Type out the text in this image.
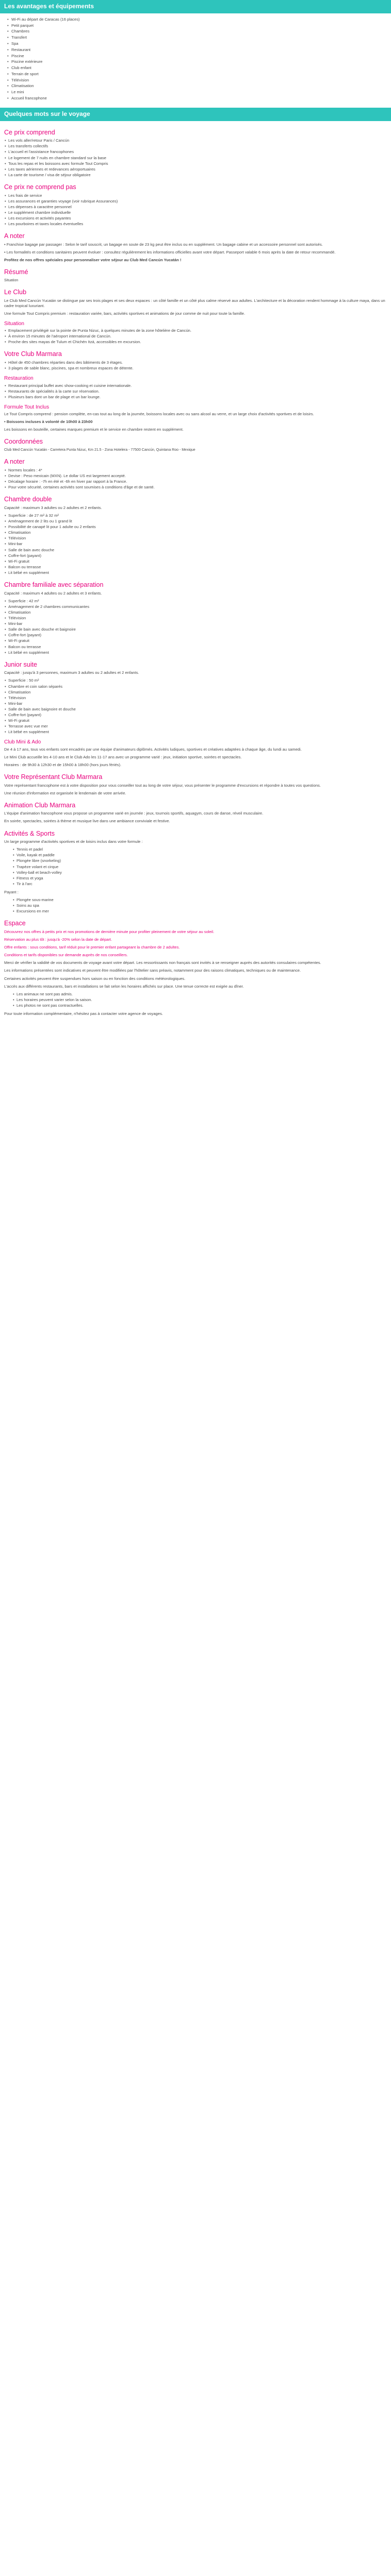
Les avantages et équipements
• Wi-Fi au départ de Caracas (16 places)
• Petit parquet
• Chambres
• Transfert
• Spa
• Restaurant
• Piscine
• Piscine extérieure
• Club enfant
• Terrain de sport
• Télévision
• Climatisation
• Le mini
• Accueil francophone
Quelques mots sur le voyage
Ce prix comprend
• Les vols aller/retour Paris / Cancún
• Les transferts collectifs
• L'accueil et l'assistance francophones
• Le logement de 7 nuits en chambre standard sur la base
• Tous les repas et les boissons avec formule Tout Compris
• Les taxes aériennes et redevances aéroportuaires
• La carte de tourisme / visa de séjour obligatoire
Ce prix ne comprend pas
• Les frais de service
• Les assurances et garanties voyage (voir rubrique Assurances)
• Les dépenses à caractère personnel
• Le supplément chambre individuelle
• Les excursions et activités payantes
• Les pourboires et taxes locales éventuelles
A noter

• Franchise bagage par passager : Selon le tarif souscrit, un bagage en soute de 23 kg peut être inclus ou en supplément. Un bagage cabine et un accessoire personnel sont autorisés.

• Les formalités et conditions sanitaires peuvent évoluer : consultez régulièrement les informations officielles avant votre départ. Passeport valable 6 mois après la date de retour recommandé.

Profitez de nos offres spéciales pour personnaliser votre séjour au Club Med Cancún Yucatán !

Résumé

Situation

Le Club

Le Club Med Cancún Yucatán se distingue par ses trois plages et ses deux espaces : un côté famille et un côté plus calme réservé aux adultes. L'architecture et la décoration rendent hommage à la culture maya, dans un cadre tropical luxuriant.

Une formule Tout Compris premium : restauration variée, bars, activités sportives et animations de jour comme de nuit pour toute la famille.

Situation
• Emplacement privilégié sur la pointe de Punta Nizuc, à quelques minutes de la zone hôtelière de Cancún.
• À environ 15 minutes de l'aéroport international de Cancún.
• Proche des sites mayas de Tulum et Chichén Itzá, accessibles en excursion.
Votre Club Marmara
• Hôtel de 450 chambres réparties dans des bâtiments de 3 étages.
• 3 plages de sable blanc, piscines, spa et nombreux espaces de détente.
Restauration
• Restaurant principal buffet avec show-cooking et cuisine internationale.
• Restaurants de spécialités à la carte sur réservation.
• Plusieurs bars dont un bar de plage et un bar lounge.
Formule Tout Inclus

Le Tout Compris comprend : pension complète, en-cas tout au long de la journée, boissons locales avec ou sans alcool au verre, et un large choix d'activités sportives et de loisirs.

• Boissons incluses à volonté de 10h00 à 23h00

Les boissons en bouteille, certaines marques premium et le service en chambre restent en supplément.

Coordonnées

Club Med Cancún Yucatán - Carretera Punta Nizuc, Km 21.5 - Zona Hotelera - 77500 Cancún, Quintana Roo - Mexique

A noter
• Normes locales : 4*
• Devise : Peso mexicain (MXN). Le dollar US est largement accepté.
• Décalage horaire : -7h en été et -6h en hiver par rapport à la France.
• Pour votre sécurité, certaines activités sont soumises à conditions d'âge et de santé.
Chambre double

Capacité : maximum 3 adultes ou 2 adultes et 2 enfants.

• Superficie : de 27 m² à 32 m²
• Aménagement de 2 lits ou 1 grand lit
• Possibilité de canapé lit pour 1 adulte ou 2 enfants
• Climatisation
• Télévision
• Mini-bar
• Salle de bain avec douche
• Coffre-fort (payant)
• Wi-Fi gratuit
• Balcon ou terrasse
• Lit bébé en supplément
Chambre familiale avec séparation

Capacité : maximum 4 adultes ou 2 adultes et 3 enfants.

• Superficie : 42 m²
• Aménagement de 2 chambres communicantes
• Climatisation
• Télévision
• Mini-bar
• Salle de bain avec douche et baignoire
• Coffre-fort (payant)
• Wi-Fi gratuit
• Balcon ou terrasse
• Lit bébé en supplément
Junior suite

Capacité : jusqu'à 3 personnes, maximum 3 adultes ou 2 adultes et 2 enfants.

• Superficie : 50 m²
• Chambre et coin salon séparés
• Climatisation
• Télévision
• Mini-bar
• Salle de bain avec baignoire et douche
• Coffre-fort (payant)
• Wi-Fi gratuit
• Terrasse avec vue mer
• Lit bébé en supplément
Club Mini & Ado

De 4 à 17 ans, tous vos enfants sont encadrés par une équipe d'animateurs diplômés. Activités ludiques, sportives et créatives adaptées à chaque âge, du lundi au samedi.

Le Mini Club accueille les 4-10 ans et le Club Ado les 11-17 ans avec un programme varié : jeux, initiation sportive, soirées et spectacles.

Horaires : de 9h30 à 12h30 et de 15h00 à 18h00 (hors jours fériés).

Votre Représentant Club Marmara

Votre représentant francophone est à votre disposition pour vous conseiller tout au long de votre séjour, vous présenter le programme d'excursions et répondre à toutes vos questions.

Une réunion d'information est organisée le lendemain de votre arrivée.

Animation Club Marmara

L'équipe d'animation francophone vous propose un programme varié en journée : jeux, tournois sportifs, aquagym, cours de danse, réveil musculaire.

En soirée, spectacles, soirées à thème et musique live dans une ambiance conviviale et festive.

Activités & Sports

Un large programme d'activités sportives et de loisirs inclus dans votre formule :

• Tennis et padel
• Voile, kayak et paddle
• Plongée libre (snorkeling)
• Trapèze volant et cirque
• Volley-ball et beach-volley
• Fitness et yoga
• Tir à l'arc

Payant :

• Plongée sous-marine
• Soins au spa
• Excursions en mer
Espace

Découvrez nos offres à petits prix et nos promotions de dernière minute pour profiter pleinement de votre séjour au soleil.

Réservation au plus tôt : jusqu'à -20% selon la date de départ.

Offre enfants : sous conditions, tarif réduit pour le premier enfant partageant la chambre de 2 adultes.

Conditions et tarifs disponibles sur demande auprès de nos conseillers.

Merci de vérifier la validité de vos documents de voyage avant votre départ. Les ressortissants non français sont invités à se renseigner auprès des autorités consulaires compétentes.

Les informations présentées sont indicatives et peuvent être modifiées par l'hôtelier sans préavis, notamment pour des raisons climatiques, techniques ou de maintenance.

Certaines activités peuvent être suspendues hors saison ou en fonction des conditions météorologiques.

L'accès aux différents restaurants, bars et installations se fait selon les horaires affichés sur place. Une tenue correcte est exigée au dîner.

• Les animaux ne sont pas admis.
• Les horaires peuvent varier selon la saison.
• Les photos ne sont pas contractuelles.

Pour toute information complémentaire, n'hésitez pas à contacter votre agence de voyages.
